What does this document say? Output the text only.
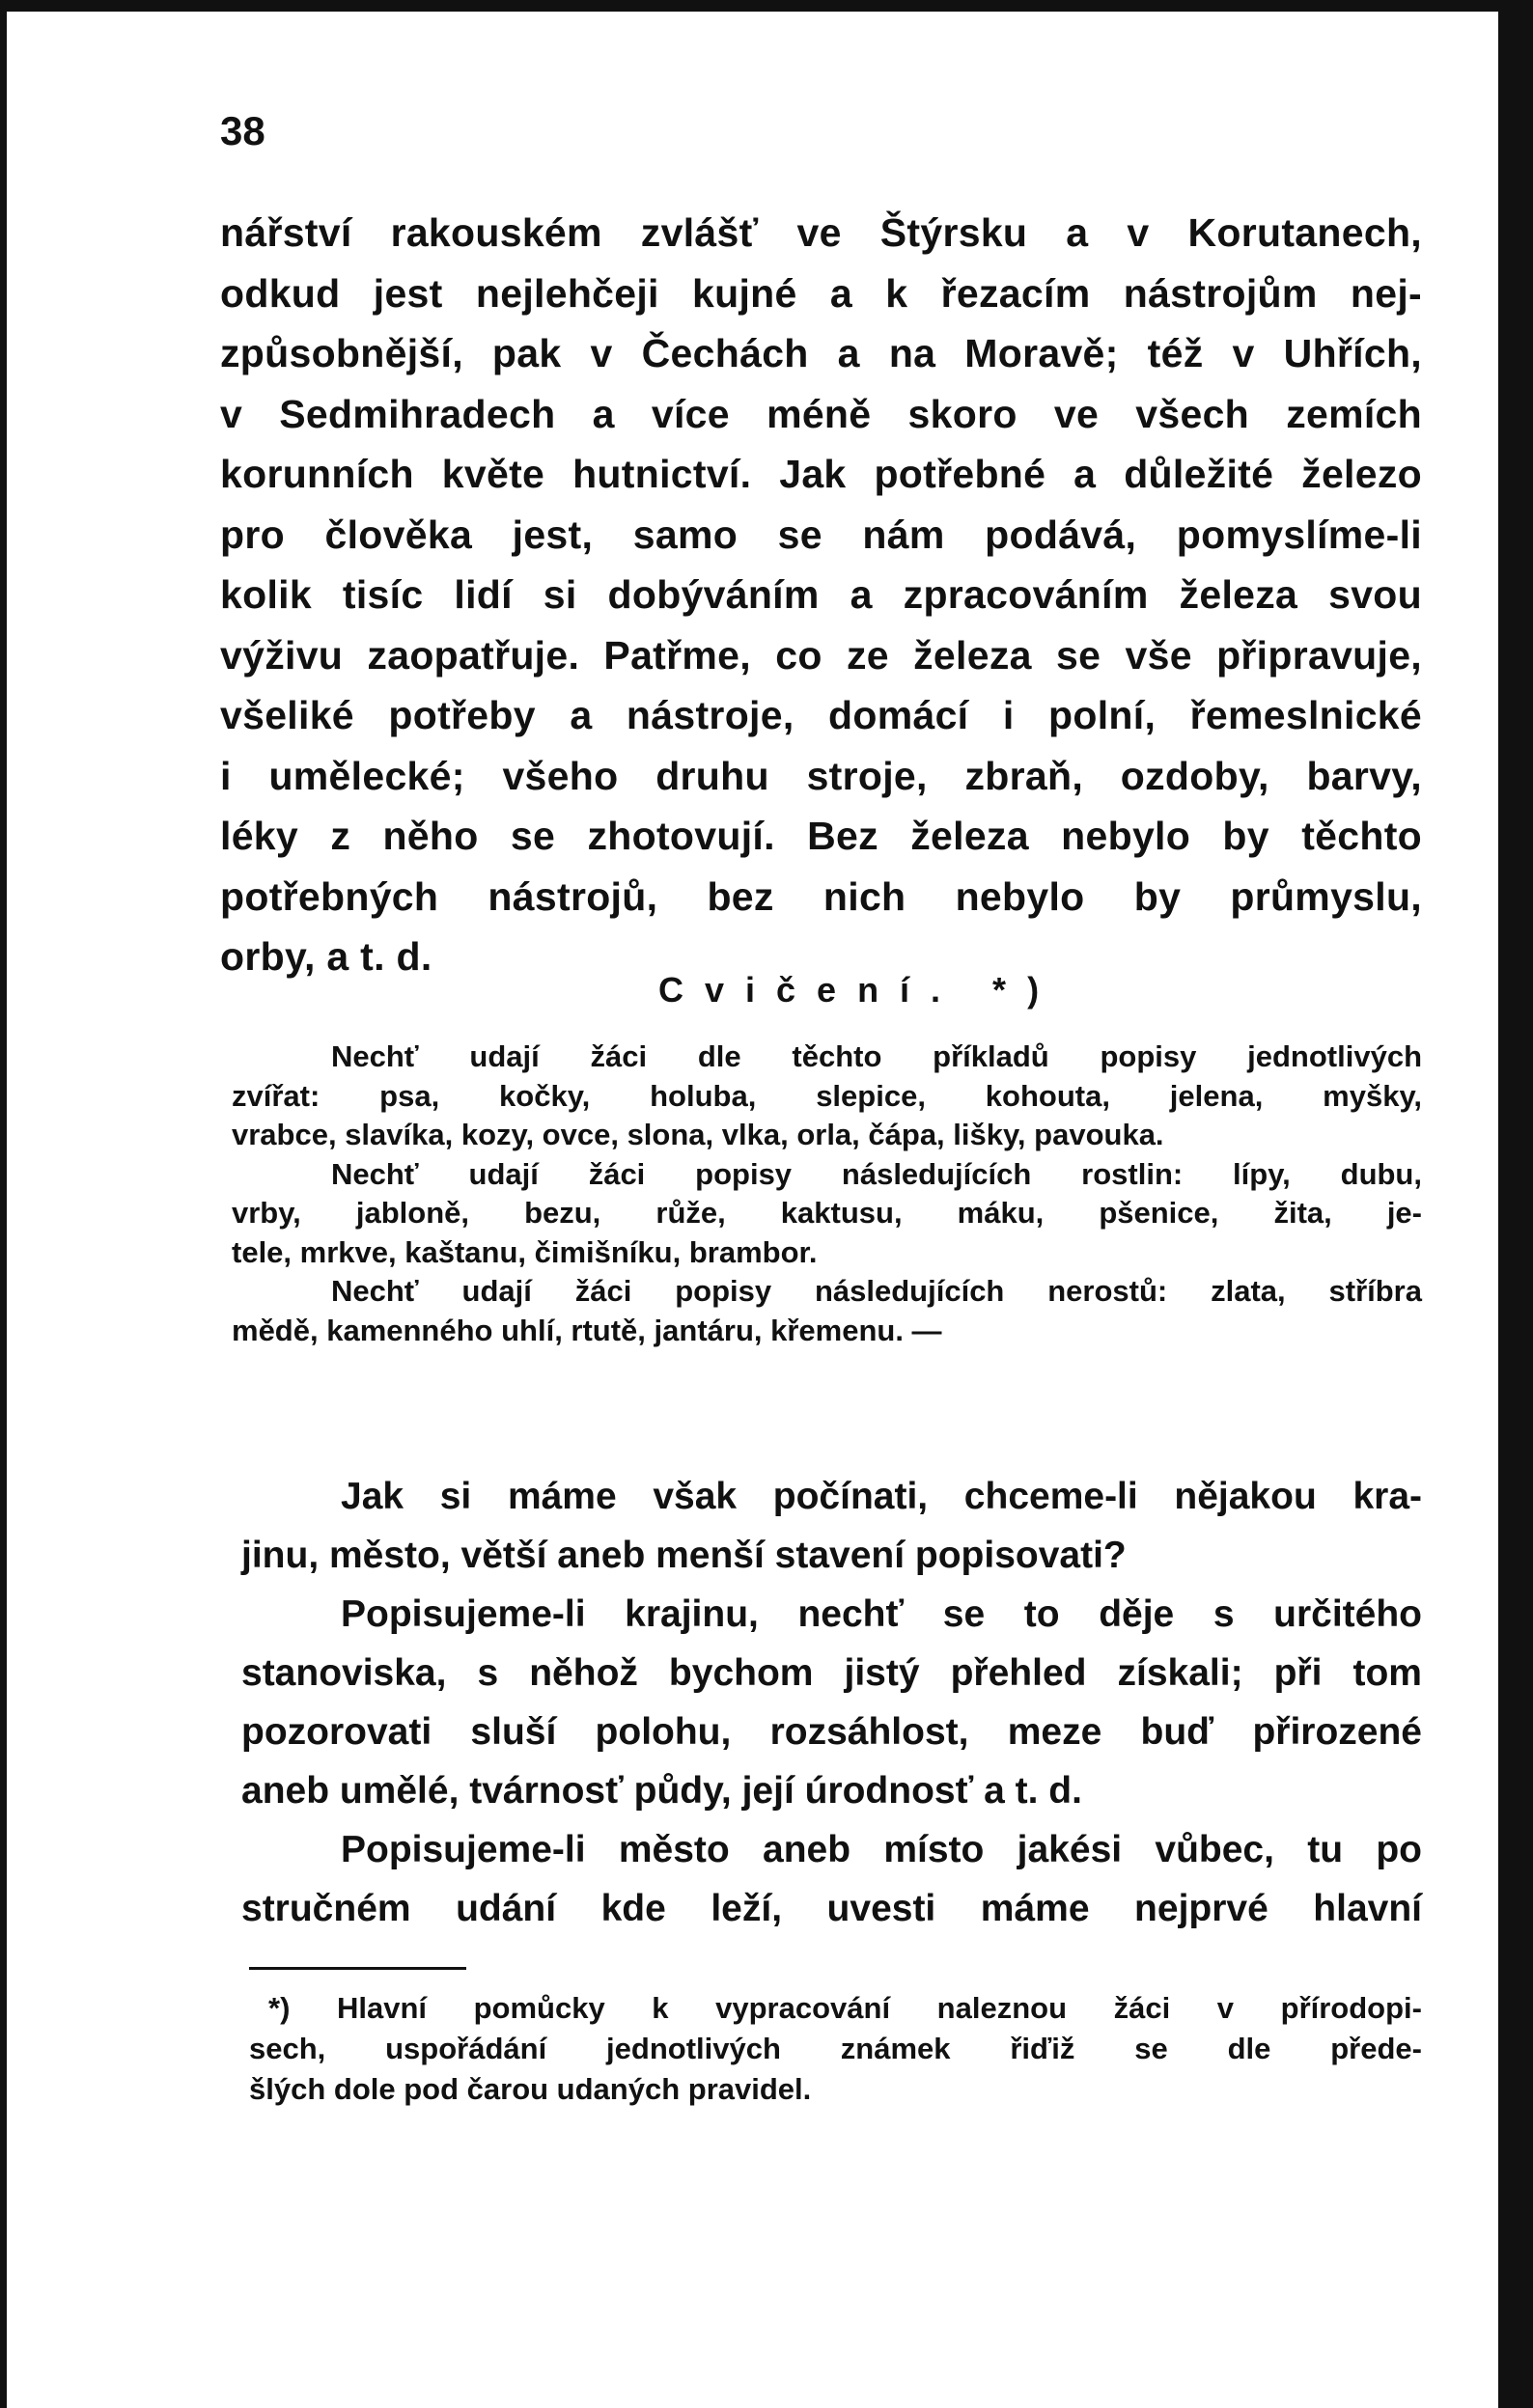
38
nářství rakouském zvlášť ve Štýrsku a v Korutanech,
odkud jest nejlehčeji kujné a k řezacím nástrojům nej-
způsobnější, pak v Čechách a na Moravě; též v Uhřích,
v Sedmihradech a více méně skoro ve všech zemích
korunních květe hutnictví. Jak potřebné a důležité železo
pro člověka jest, samo se nám podává, pomyslíme-li
kolik tisíc lidí si dobýváním a zpracováním železa svou
výživu zaopatřuje. Patřme, co ze železa se vše připravuje,
všeliké potřeby a nástroje, domácí i polní, řemeslnické
i umělecké; všeho druhu stroje, zbraň, ozdoby, barvy,
léky z něho se zhotovují. Bez železa nebylo by těchto
potřebných nástrojů, bez nich nebylo by průmyslu,
orby, a t. d.
Cvičení. *)
Nechť udají žáci dle těchto příkladů popisy jednotlivých
zvířat: psa, kočky, holuba, slepice, kohouta, jelena, myšky,
vrabce, slavíka, kozy, ovce, slona, vlka, orla, čápa, lišky, pavouka.
Nechť udají žáci popisy následujících rostlin: lípy, dubu,
vrby, jabloně, bezu, růže, kaktusu, máku, pšenice, žita, je-
tele, mrkve, kaštanu, čimišníku, brambor.
Nechť udají žáci popisy následujících nerostů: zlata, stříbra
mědě, kamenného uhlí, rtutě, jantáru, křemenu. —
Jak si máme však počínati, chceme-li nějakou kra-
jinu, město, větší aneb menší stavení popisovati?
Popisujeme-li krajinu, nechť se to děje s určitého
stanoviska, s něhož bychom jistý přehled získali; při tom
pozorovati sluší polohu, rozsáhlost, meze buď přirozené
aneb umělé, tvárnosť půdy, její úrodnosť a t. d.
Popisujeme-li město aneb místo jakési vůbec, tu po
stručném udání kde leží, uvesti máme nejprvé hlavní
*) Hlavní pomůcky k vypracování naleznou žáci v přírodopi-
sech, uspořádání jednotlivých známek řiďiž se dle přede-
šlých dole pod čarou udaných pravidel.
